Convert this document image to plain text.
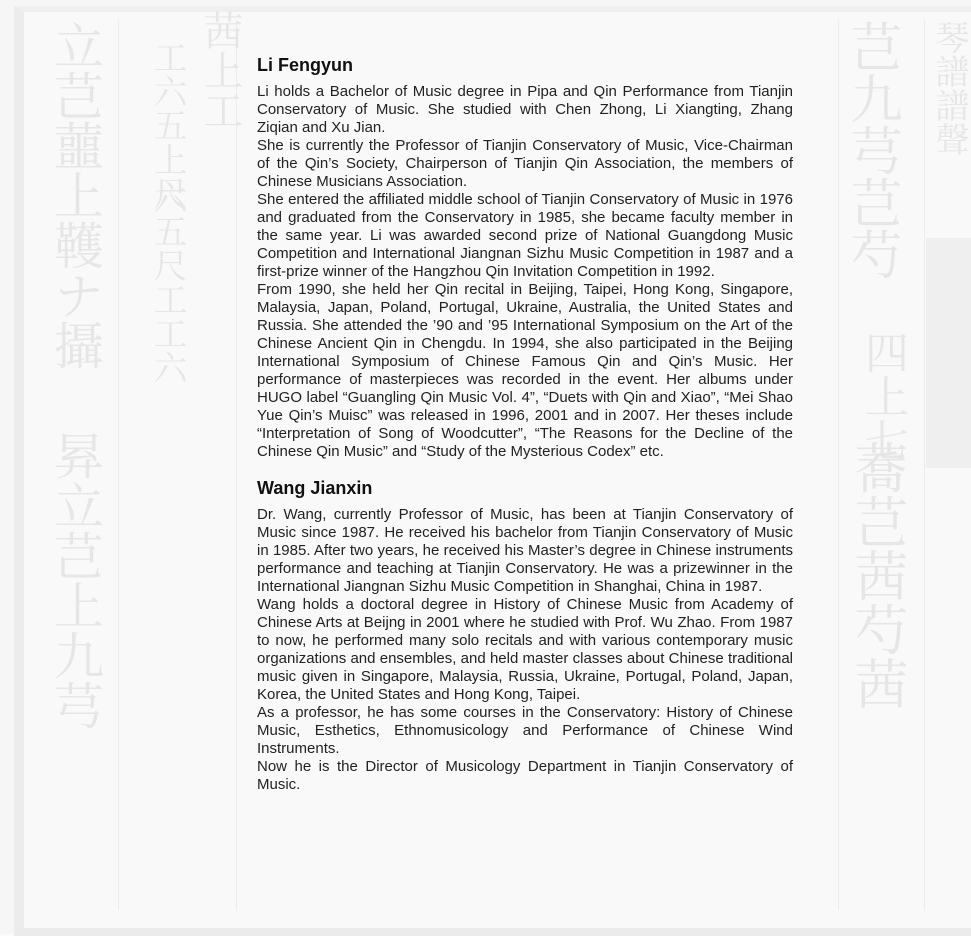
立芑蘁上韄ナ攝
昪立芑上九芎
工六五上尺
六五尺工工六
茜上工	芑九芎芑芍
四上七
蕎芑茜芍茜
琴譜譜聲
Li Fengyun

Li holds a Bachelor of Music degree in Pipa and Qin Performance from Tianjin Conservatory of Music. She studied with Chen Zhong, Li Xiangting, Zhang Ziqian and Xu Jian.

She is currently the Professor of Tianjin Conservatory of Music, Vice-Chairman of the Qin’s Society, Chairperson of Tianjin Qin Association, the members of Chinese Musicians Association.

She entered the affiliated middle school of Tianjin Conservatory of Music in 1976 and graduated from the Conservatory in 1985, she became faculty member in the same year. Li was awarded second prize of National Guangdong Music Competition and International Jiangnan Sizhu Music Competition in 1987 and a first-prize winner of the Hangzhou Qin Invitation Competition in 1992.

From 1990, she held her Qin recital in Beijing, Taipei, Hong Kong, Singapore, Malaysia, Japan, Poland, Portugal, Ukraine, Australia, the United States and Russia. She attended the ’90 and ’95 International Symposium on the Art of the Chinese Ancient Qin in Chengdu. In 1994, she also participated in the Beijing International Symposium of Chinese Famous Qin and Qin’s Music. Her performance of masterpieces was recorded in the event. Her albums under HUGO label “Guangling Qin Music Vol. 4”, “Duets with Qin and Xiao”, “Mei Shao Yue Qin’s Muisc” was released in 1996, 2001 and in 2007. Her theses include “Interpretation of Song of Woodcutter”, “The Reasons for the Decline of the Chinese Qin Music” and “Study of the Mysterious Codex” etc.

Wang Jianxin

Dr. Wang, currently Professor of Music, has been at Tianjin Conservatory of Music since 1987. He received his bachelor from Tianjin Conservatory of Music in 1985. After two years, he received his Master’s degree in Chinese instruments performance and teaching at Tianjin Conservatory. He was a prizewinner in the International Jiangnan Sizhu Music Competition in Shanghai, China in 1987.

Wang holds a doctoral degree in History of Chinese Music from Academy of Chinese Arts at Beijng in 2001 where he studied with Prof. Wu Zhao. From 1987 to now, he performed many solo recitals and with various contemporary music organizations and ensembles, and held master classes about Chinese traditional music given in Singapore, Malaysia, Russia, Ukraine, Portugal, Poland, Japan, Korea, the United States and Hong Kong, Taipei.

As a professor, he has some courses in the Conservatory: History of Chinese Music, Esthetics, Ethnomusicology and Performance of Chinese Wind Instruments.

Now he is the Director of Musicology Department in Tianjin Conservatory of Music.
